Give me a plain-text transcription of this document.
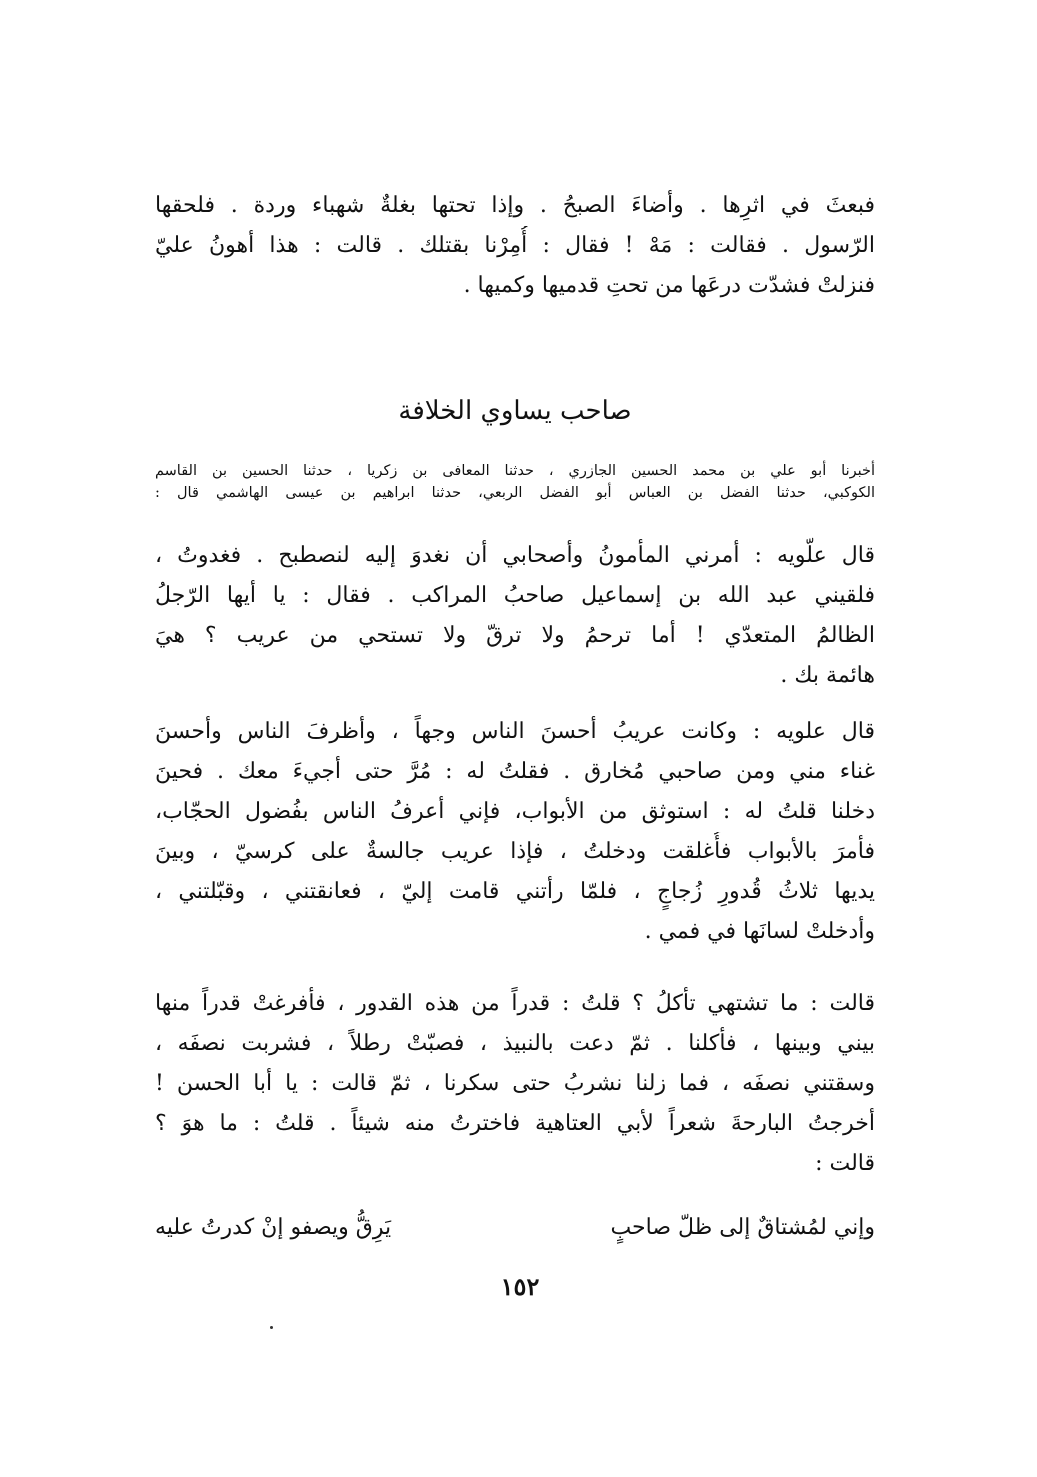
فبعثَ في اثرِها . وأضاءَ الصبحُ . وإذا تحتها بغلةٌ شهباء وردة . فلحقها
الرّسول . فقالت : مَهْ ! فقال : أُمِرْنا بقتلك . قالت : هذا أهونُ عليّ
فنزلتْ فشدّت درعَها من تحتِ قدميها وكميها .
صاحب يساوي الخلافة
أخبرنا أبو علي بن محمد الحسين الجازري ، حدثنا المعافى بن زكريا ، حدثنا الحسين بن القاسم
الكوكبي، حدثنا الفضل بن العباس أبو الفضل الربعي، حدثنا ابراهيم بن عيسى الهاشمي قال :
قال علّويه : أمرني المأمونُ وأصحابي أن نغدوَ إليه لنصطبح . فغدوتُ ،
فلقيني عبد الله بن إسماعيل صاحبُ المراكب . فقال : يا أيها الرّجلُ
الظالمُ المتعدّي ! أما ترحمُ ولا ترقّ ولا تستحي من عريب ؟ هيَ
هائمة بك .
قال علويه : وكانت عريبُ أحسنَ الناس وجهاً ، وأظرفَ الناس وأحسنَ
غناء مني ومن صاحبي مُخارق . فقلتُ له : مُرَّ حتى أجيءَ معك . فحينَ
دخلنا قلتُ له : استوثق من الأبواب، فإني أعرفُ الناس بفُضول الحجّاب،
فأمرَ بالأبواب فأُغلقت ودخلتُ ، فإذا عريب جالسةٌ على كرسيّ ، وبينَ
يديها ثلاثُ قُدورِ زُجاجٍ ، فلمّا رأتني قامت إليّ ، فعانقتني ، وقبّلتني ،
وأدخلتْ لسانَها في فمي .
قالت : ما تشتهي تأكلُ ؟ قلتُ : قدراً من هذه القدور ، فأفرغتْ قدراً منها
بيني وبينها ، فأكلنا . ثمّ دعت بالنبيذ ، فصبّتْ رطلاً ، فشربت نصفَه ،
وسقتني نصفَه ، فما زلنا نشربُ حتى سكرنا ، ثمّ قالت : يا أبا الحسن !
أخرجتُ البارحةَ شعراً لأبي العتاهية فاخترتُ منه شيئاً . قلتُ : ما هوَ ؟
قالت :
وإني لمُشتاقٌ إلى ظلّ صاحبٍ
يَرِقُّ ويصفو إنْ كدرتُ عليه
١٥٢
